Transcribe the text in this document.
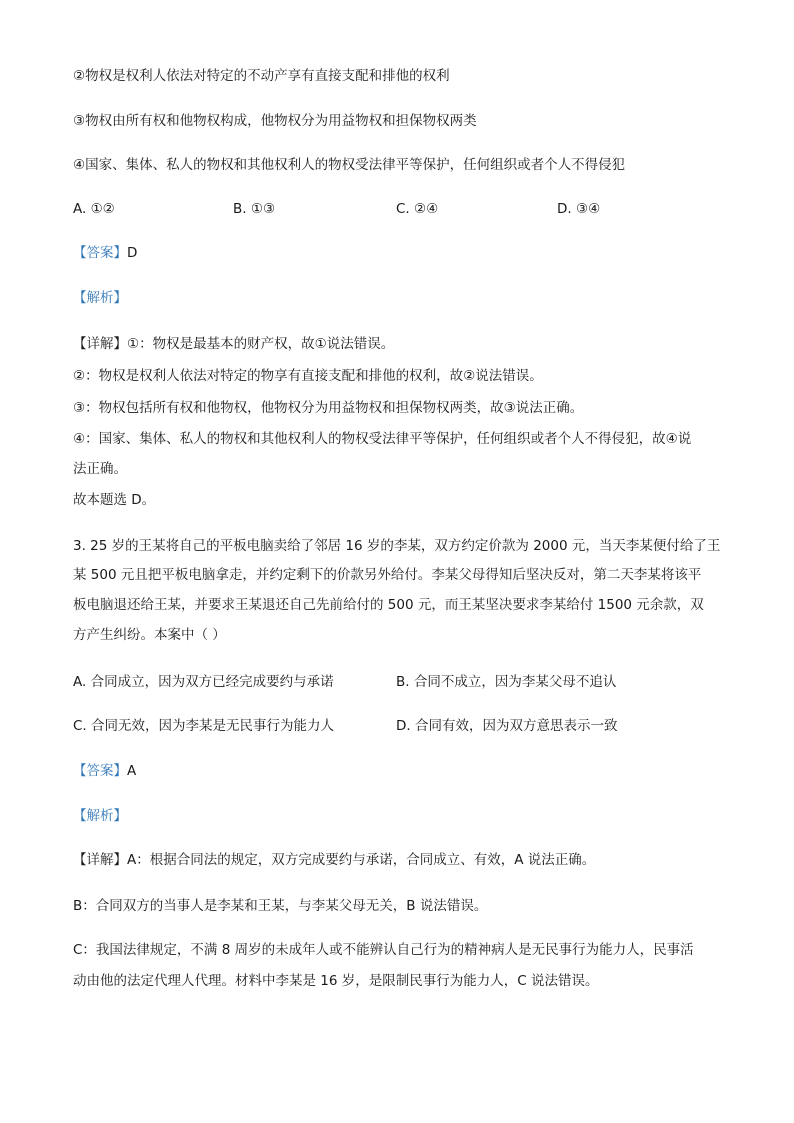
②物权是权利人依法对特定的不动产享有直接支配和排他的权利
③物权由所有权和他物权构成，他物权分为用益物权和担保物权两类
④国家、集体、私人的物权和其他权利人的物权受法律平等保护，任何组织或者个人不得侵犯
A. ①②	B. ①③	C. ②④	D. ③④
【答案】D
【解析】
【详解】①：物权是最基本的财产权，故①说法错误。
②：物权是权利人依法对特定的物享有直接支配和排他的权利，故②说法错误。
③：物权包括所有权和他物权，他物权分为用益物权和担保物权两类，故③说法正确。
④：国家、集体、私人的物权和其他权利人的物权受法律平等保护，任何组织或者个人不得侵犯，故④说
法正确。
故本题选 D。
3. 25 岁的王某将自己的平板电脑卖给了邻居 16 岁的李某，双方约定价款为 2000 元，当天李某便付给了王
某 500 元且把平板电脑拿走，并约定剩下的价款另外给付。李某父母得知后坚决反对，第二天李某将该平
板电脑退还给王某，并要求王某退还自己先前给付的 500 元，而王某坚决要求李某给付 1500 元余款，双
方产生纠纷。本案中（ ）
A. 合同成立，因为双方已经完成要约与承诺	B. 合同不成立，因为李某父母不追认
C. 合同无效，因为李某是无民事行为能力人	D. 合同有效，因为双方意思表示一致
【答案】A
【解析】
【详解】A：根据合同法的规定，双方完成要约与承诺，合同成立、有效，A 说法正确。
B：合同双方的当事人是李某和王某，与李某父母无关，B 说法错误。
C：我国法律规定，不满 8 周岁的未成年人或不能辨认自己行为的精神病人是无民事行为能力人，民事活
动由他的法定代理人代理。材料中李某是 16 岁，是限制民事行为能力人，C 说法错误。
